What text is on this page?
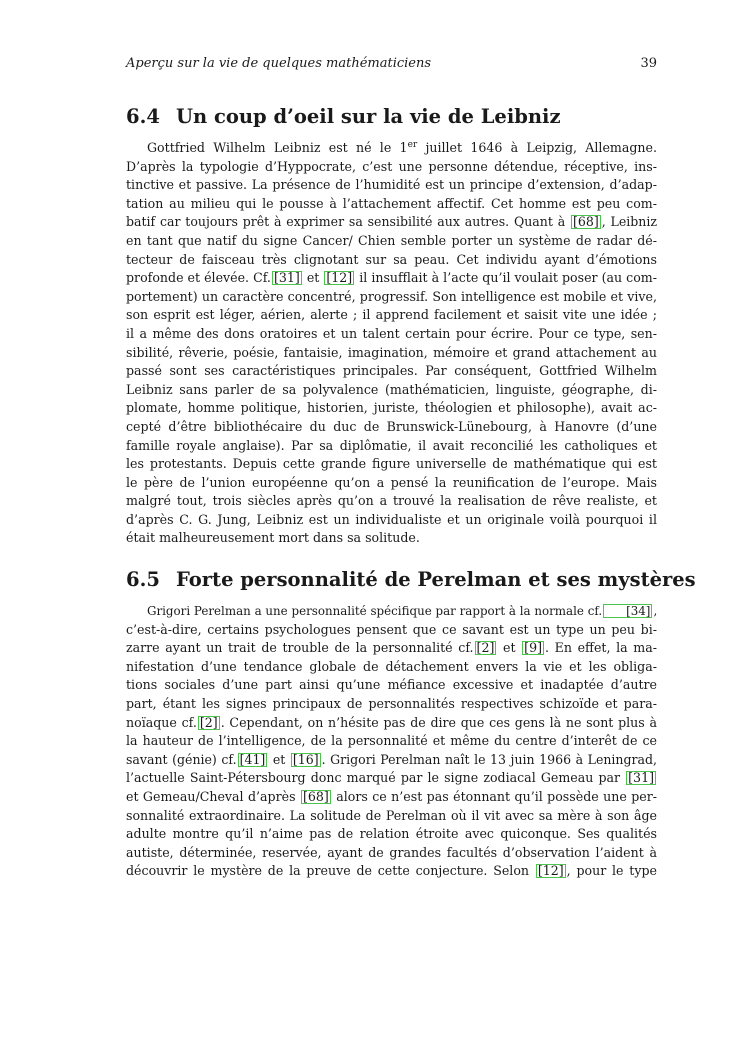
Aperçu sur la vie de quelques mathématiciens	39
6.4 Un coup d’oeil sur la vie de Leibniz
Gottfried Wilhelm Leibniz est né le 1er juillet 1646 à Leipzig, Allemagne.
D’après la typologie d’Hyppocrate, c’est une personne détendue, réceptive, ins-
tinctive et passive. La présence de l’humidité est un principe d’extension, d’adap-
tation au milieu qui le pousse à l’attachement affectif. Cet homme est peu com-
batif car toujours prêt à exprimer sa sensibilité aux autres. Quant à [68] , Leibniz
en tant que natif du signe Cancer/ Chien semble porter un système de radar dé-
tecteur de faisceau très clignotant sur sa peau. Cet individu ayant d’émotions
profonde et élevée. Cf. [31] et [12] il insufflait à l’acte qu’il voulait poser (au com-
portement) un caractère concentré, progressif. Son intelligence est mobile et vive,
son esprit est léger, aérien, alerte ; il apprend facilement et saisit vite une idée ;
il a même des dons oratoires et un talent certain pour écrire. Pour ce type, sen-
sibilité, rêverie, poésie, fantaisie, imagination, mémoire et grand attachement au
passé sont ses caractéristiques principales. Par conséquent, Gottfried Wilhelm
Leibniz sans parler de sa polyvalence (mathématicien, linguiste, géographe, di-
plomate, homme politique, historien, juriste, théologien et philosophe), avait ac-
cepté d’être bibliothécaire du duc de Brunswick-Lünebourg, à Hanovre (d’une
famille royale anglaise). Par sa diplômatie, il avait reconcilié les catholiques et
les protestants. Depuis cette grande figure universelle de mathématique qui est
le père de l’union européenne qu’on a pensé la reunification de l’europe. Mais
malgré tout, trois siècles après qu’on a trouvé la realisation de rêve realiste, et
d’après C. G. Jung, Leibniz est un individualiste et un originale voilà pourquoi il
était malheureusement mort dans sa solitude.
6.5 Forte personnalité de Perelman et ses mystères
Grigori Perelman a une personnalité spécifique par rapport à la normale cf. [34] ,
c’est-à-dire, certains psychologues pensent que ce savant est un type un peu bi-
zarre ayant un trait de trouble de la personnalité cf. [2] et [9] . En effet, la ma-
nifestation d’une tendance globale de détachement envers la vie et les obliga-
tions sociales d’une part ainsi qu’une méfiance excessive et inadaptée d’autre
part, étant les signes principaux de personnalités respectives schizoïde et para-
noïaque cf. [2] . Cependant, on n’hésite pas de dire que ces gens là ne sont plus à
la hauteur de l’intelligence, de la personnalité et même du centre d’interêt de ce
savant (génie) cf. [41] et [16] . Grigori Perelman naît le 13 juin 1966 à Leningrad,
l’actuelle Saint-Pétersbourg donc marqué par le signe zodiacal Gemeau par [31]
et Gemeau/Cheval d’après [68] alors ce n’est pas étonnant qu’il possède une per-
sonnalité extraordinaire. La solitude de Perelman où il vit avec sa mère à son âge
adulte montre qu’il n’aime pas de relation étroite avec quiconque. Ses qualités
autiste, déterminée, reservée, ayant de grandes facultés d’observation l’aident à
découvrir le mystère de la preuve de cette conjecture. Selon [12] , pour le type
